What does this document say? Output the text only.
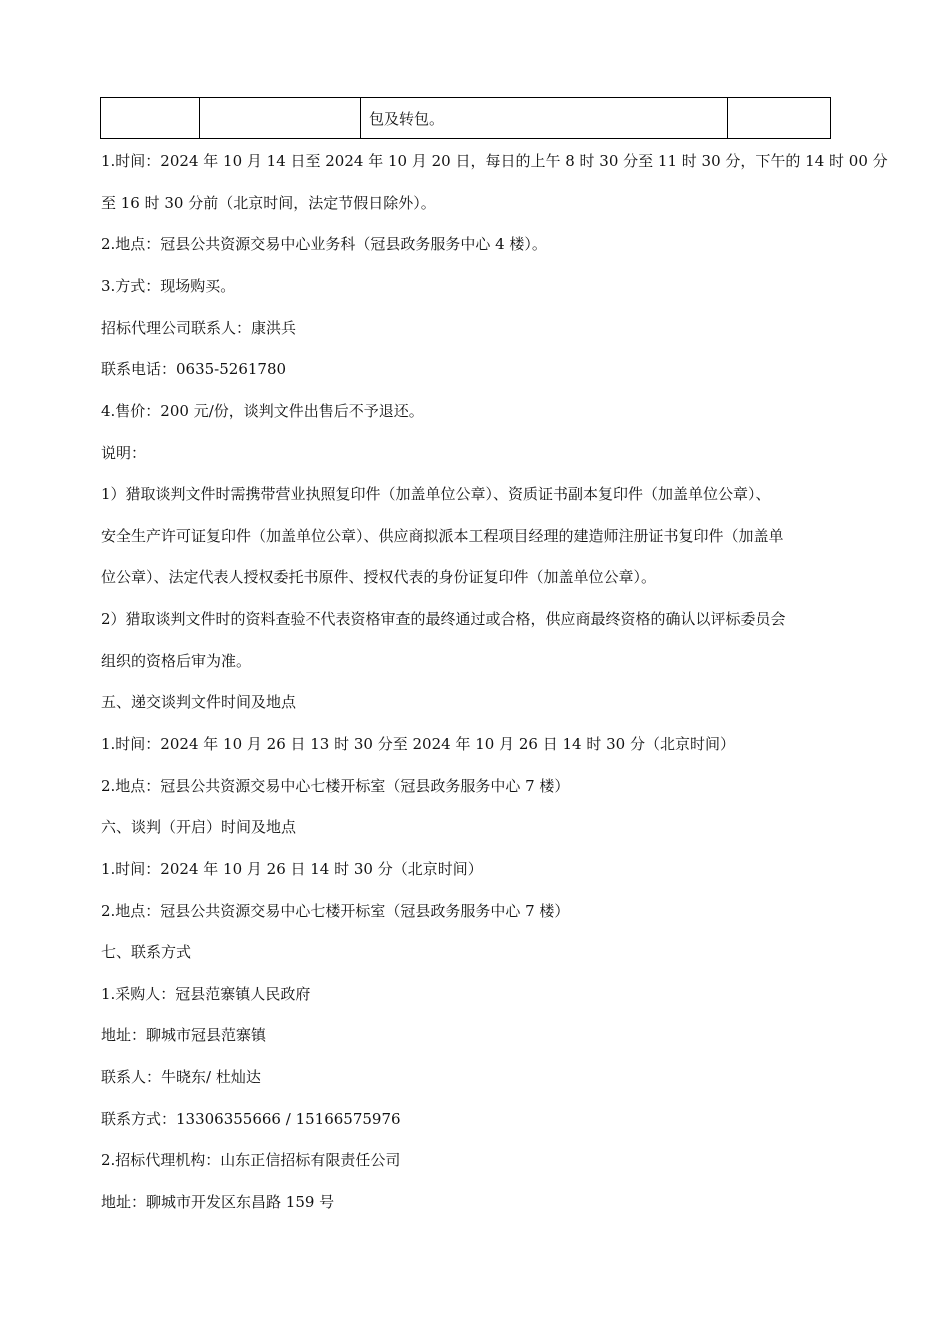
		包及转包。	
1.时间：2024 年 10 月 14 日至 2024 年 10 月 20 日，每日的上午 8 时 30 分至 11 时 30 分，下午的 14 时 00 分
至 16 时 30 分前（北京时间，法定节假日除外）。
2.地点：冠县公共资源交易中心业务科（冠县政务服务中心 4 楼）。
3.方式：现场购买。
招标代理公司联系人：康洪兵
联系电话：0635-5261780
4.售价：200 元/份，谈判文件出售后不予退还。
说明：
1）猎取谈判文件时需携带营业执照复印件（加盖单位公章）、资质证书副本复印件（加盖单位公章）、
安全生产许可证复印件（加盖单位公章）、供应商拟派本工程项目经理的建造师注册证书复印件（加盖单
位公章）、法定代表人授权委托书原件、授权代表的身份证复印件（加盖单位公章）。
2）猎取谈判文件时的资料查验不代表资格审查的最终通过或合格，供应商最终资格的确认以评标委员会
组织的资格后审为准。
五、递交谈判文件时间及地点
1.时间：2024 年 10 月 26 日 13 时 30 分至 2024 年 10 月 26 日 14 时 30 分（北京时间）
2.地点：冠县公共资源交易中心七楼开标室（冠县政务服务中心 7 楼）
六、谈判（开启）时间及地点
1.时间：2024 年 10 月 26 日 14 时 30 分（北京时间）
2.地点：冠县公共资源交易中心七楼开标室（冠县政务服务中心 7 楼）
七、联系方式
1.采购人：冠县范寨镇人民政府
地址：聊城市冠县范寨镇
联系人：牛晓东/ 杜灿达
联系方式：13306355666 / 15166575976
2.招标代理机构：山东正信招标有限责任公司
地址：聊城市开发区东昌路 159 号
